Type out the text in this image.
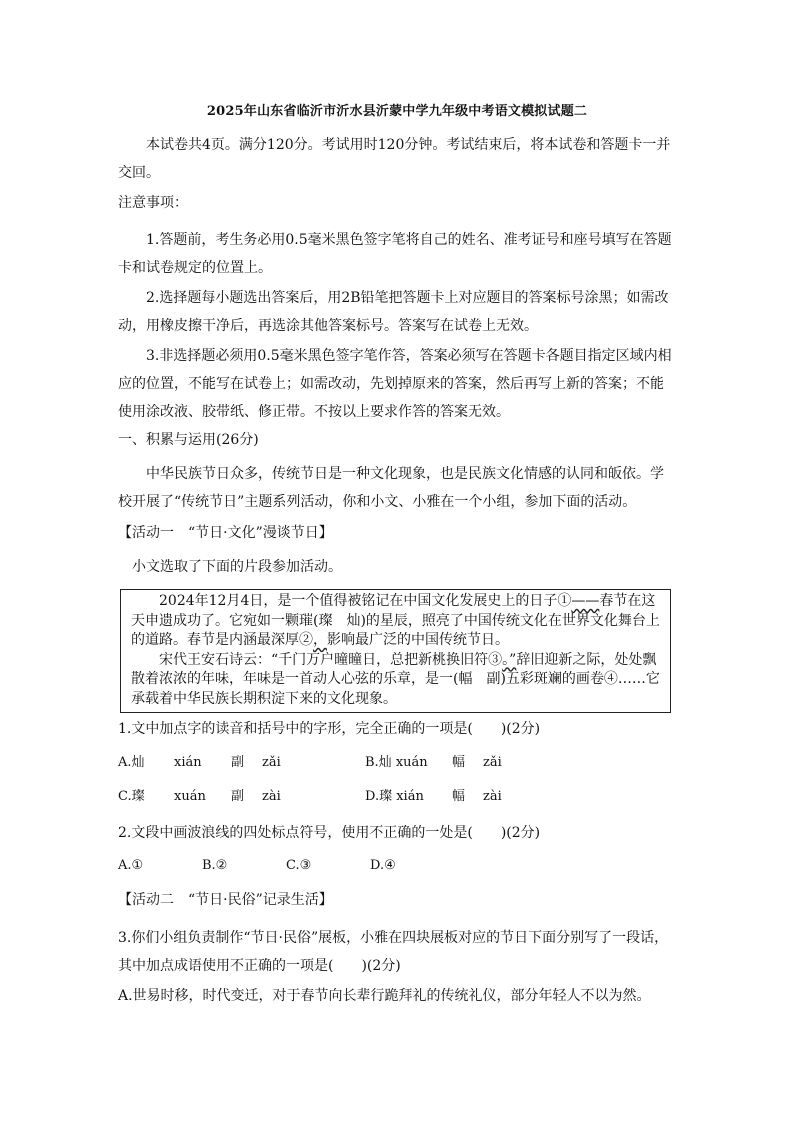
2025年山东省临沂市沂水县沂蒙中学九年级中考语文模拟试题二
本试卷共4页。满分120分。考试用时120分钟。考试结束后，将本试卷和答题卡一并交回。
注意事项：
1.答题前，考生务必用0.5毫米黑色签字笔将自己的姓名、准考证号和座号填写在答题卡和试卷规定的位置上。
2.选择题每小题选出答案后，用2B铅笔把答题卡上对应题目的答案标号涂黑；如需改动，用橡皮擦干净后，再选涂其他答案标号。答案写在试卷上无效。
3.非选择题必须用0.5毫米黑色签字笔作答，答案必须写在答题卡各题目指定区域内相应的位置，不能写在试卷上；如需改动，先划掉原来的答案，然后再写上新的答案；不能使用涂改液、胶带纸、修正带。不按以上要求作答的答案无效。
一、积累与运用(26分)
中华民族节日众多，传统节日是一种文化现象，也是民族文化情感的认同和皈依。学校开展了“传统节日”主题系列活动，你和小文、小雅在一个小组，参加下面的活动。
【活动一　“节日·文化”漫谈节日】
小文选取了下面的片段参加活动。

2024年12月4日，是一个值得被铭记在中国文化发展史上的日子①——春节在这天申遗成功了。它宛如一颗璀(璨　灿)的星辰，照亮了中国传统文化在世界文化舞台上的道路。春节是内涵最深厚②，影响最广泛的中国传统节日。

宋代王安石诗云：“千门万户曈曈日，总把新桃换旧符③。”辞旧迎新之际，处处飘散着浓浓的年味，年味是一首动人心弦的乐章，是一(幅　副)五彩斑斓的画卷④……它承载着中华民族长期积淀下来的文化现象。

1.文中加点字的读音和括号中的字形，完全正确的一项是(　　)(2分)
A.灿 xián 副 zǎi	B.灿 xuán 幅 zǎi
C.璨 xuán 副 zài	D.璨 xián 幅 zài
2.文段中画波浪线的四处标点符号，使用不正确的一处是(　　)(2分)
A.①	B.②	C.③	D.④
【活动二　“节日·民俗”记录生活】
3.你们小组负责制作“节日·民俗”展板，小雅在四块展板对应的节日下面分别写了一段话，其中加点成语使用不正确的一项是(　　)(2分)
A.世易时移，时代变迁，对于春节向长辈行跪拜礼的传统礼仪，部分年轻人不以为然。
